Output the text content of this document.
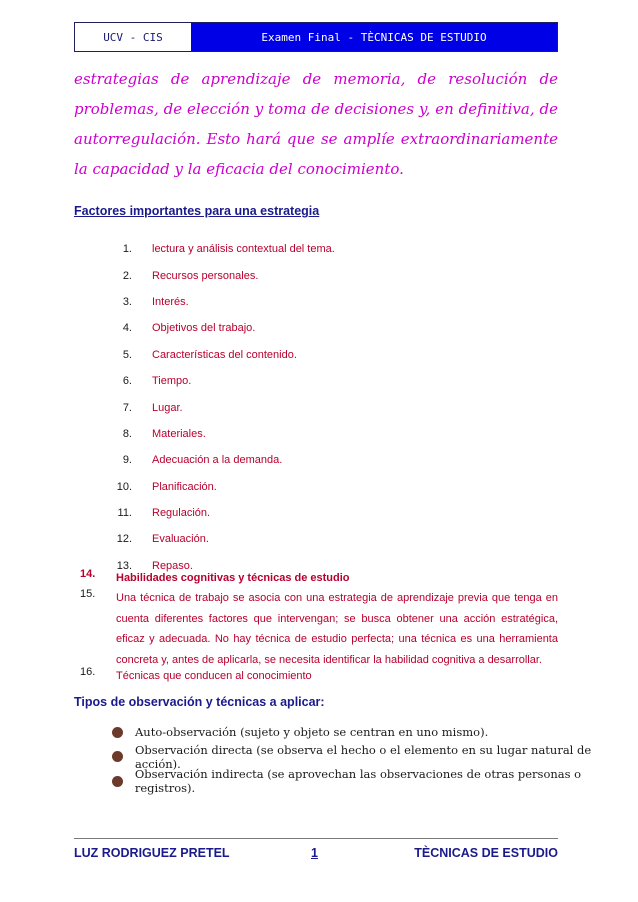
UCV - CIS	Examen Final - TÈCNICAS DE ESTUDIO

estrategias de aprendizaje de memoria, de resolución de problemas, de elección y toma de decisiones y, en definitiva, de autorregulación. Esto hará que se amplíe extraordinariamente la capacidad y la eficacia del conocimiento.

Factores importantes para una estrategia
1.	lectura y análisis contextual del tema.
2.	Recursos personales.
3.	Interés.
4.	Objetivos del trabajo.
5.	Características del contenido.
6.	Tiempo.
7.	Lugar.
8.	Materiales.
9.	Adecuación a la demanda.
10.	Planificación.
11.	Regulación.
12.	Evaluación.
13.	Repaso.
14.	Habilidades cognitivas y técnicas de estudio
15.	Una técnica de trabajo se asocia con una estrategia de aprendizaje previa que tenga en cuenta diferentes factores que intervengan; se busca obtener una acción estratégica, eficaz y adecuada. No hay técnica de estudio perfecta; una técnica es una herramienta concreta y, antes de aplicarla, se necesita identificar la habilidad cognitiva a desarrollar.
16.	Técnicas que conducen al conocimiento
Tipos de observación y técnicas a aplicar:
Auto-observación (sujeto y objeto se centran en uno mismo).
Observación directa (se observa el hecho o el elemento en su lugar natural de acción).
Observación indirecta (se aprovechan las observaciones de otras personas o registros).
LUZ RODRIGUEZ PRETEL	1	TÈCNICAS DE ESTUDIO
